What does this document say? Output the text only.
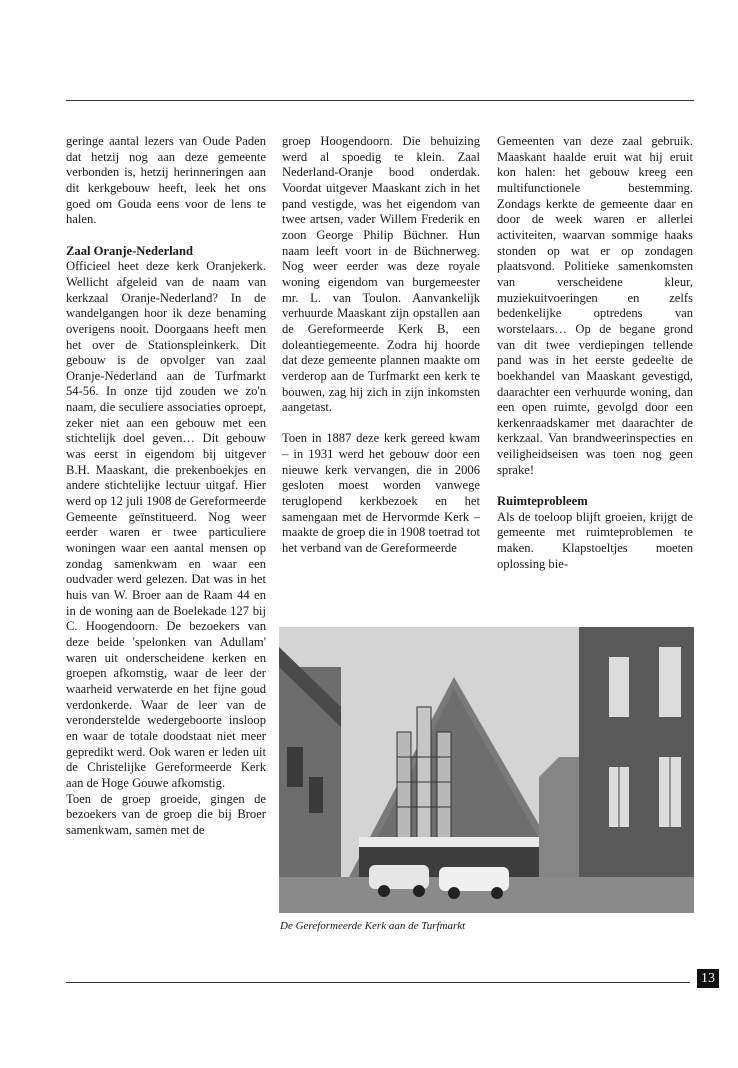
geringe aantal lezers van Oude Paden dat hetzij nog aan deze gemeente verbonden is, hetzij herinneringen aan dit kerkgebouw heeft, leek het ons goed om Gouda eens voor de lens te halen.

Zaal Oranje-Nederland

Officieel heet deze kerk Oranjekerk. Wellicht afgeleid van de naam van kerkzaal Oranje-Nederland? In de wandelgangen hoor ik deze benaming overigens nooit. Doorgaans heeft men het over de Stationspleinkerk. Dit gebouw is de opvolger van zaal Oranje-Nederland aan de Turfmarkt 54-56. In onze tijd zouden we zo'n naam, die seculiere associaties oproept, zeker niet aan een gebouw met een stichtelijk doel geven… Dit gebouw was eerst in eigendom bij uitgever B.H. Maaskant, die prekenboekjes en andere stichtelijke lectuur uitgaf. Hier werd op 12 juli 1908 de Gereformeerde Gemeente geïnstitueerd. Nog weer eerder waren er twee particuliere woningen waar een aantal mensen op zondag samenkwam en waar een oudvader werd gelezen. Dat was in het huis van W. Broer aan de Raam 44 en in de woning aan de Boelekade 127 bij C. Hoogendoorn. De bezoekers van deze beide 'spelonken van Adullam' waren uit onderscheidene kerken en groepen afkomstig, waar de leer der waarheid verwaterde en het fijne goud verdonkerde. Waar de leer van de veronderstelde wedergeboorte insloop en waar de totale doodstaat niet meer gepredikt werd. Ook waren er leden uit de Christelijke Gereformeerde Kerk aan de Hoge Gouwe afkomstig.

Toen de groep groeide, gingen de bezoekers van de groep die bij Broer samenkwam, samen met de

groep Hoogendoorn. Die behuizing werd al spoedig te klein. Zaal Nederland-Oranje bood onderdak. Voordat uitgever Maaskant zich in het pand vestigde, was het eigendom van twee artsen, vader Willem Frederik en zoon George Philip Büchner. Hun naam leeft voort in de Büchnerweg. Nog weer eerder was deze royale woning eigendom van burgemeester mr. L. van Toulon. Aanvankelijk verhuurde Maaskant zijn opstallen aan de Gereformeerde Kerk B, een doleantiegemeente. Zodra hij hoorde dat deze gemeente plannen maakte om verderop aan de Turfmarkt een kerk te bouwen, zag hij zich in zijn inkomsten aangetast.

Toen in 1887 deze kerk gereed kwam – in 1931 werd het gebouw door een nieuwe kerk vervangen, die in 2006 gesloten moest worden vanwege teruglopend kerkbezoek en het samengaan met de Hervormde Kerk – maakte de groep die in 1908 toetrad tot het verband van de Gereformeerde

Gemeenten van deze zaal gebruik. Maaskant haalde eruit wat hij eruit kon halen: het gebouw kreeg een multifunctionele bestemming. Zondags kerkte de gemeente daar en door de week waren er allerlei activiteiten, waarvan sommige haaks stonden op wat er op zondagen plaatsvond. Politieke samenkomsten van verscheidene kleur, muziekuitvoeringen en zelfs bedenkelijke optredens van worstelaars… Op de begane grond van dit twee verdiepingen tellende pand was in het eerste gedeelte de boekhandel van Maaskant gevestigd, daarachter een verhuurde woning, dan een open ruimte, gevolgd door een kerkenraadskamer met daarachter de kerkzaal. Van brandweerinspecties en veiligheidseisen was toen nog geen sprake!

Ruimteprobleem

Als de toeloop blijft groeien, krijgt de gemeente met ruimteproblemen te maken. Klapstoeltjes moeten oplossing bie-

De Gereformeerde Kerk aan de Turfmarkt
13
